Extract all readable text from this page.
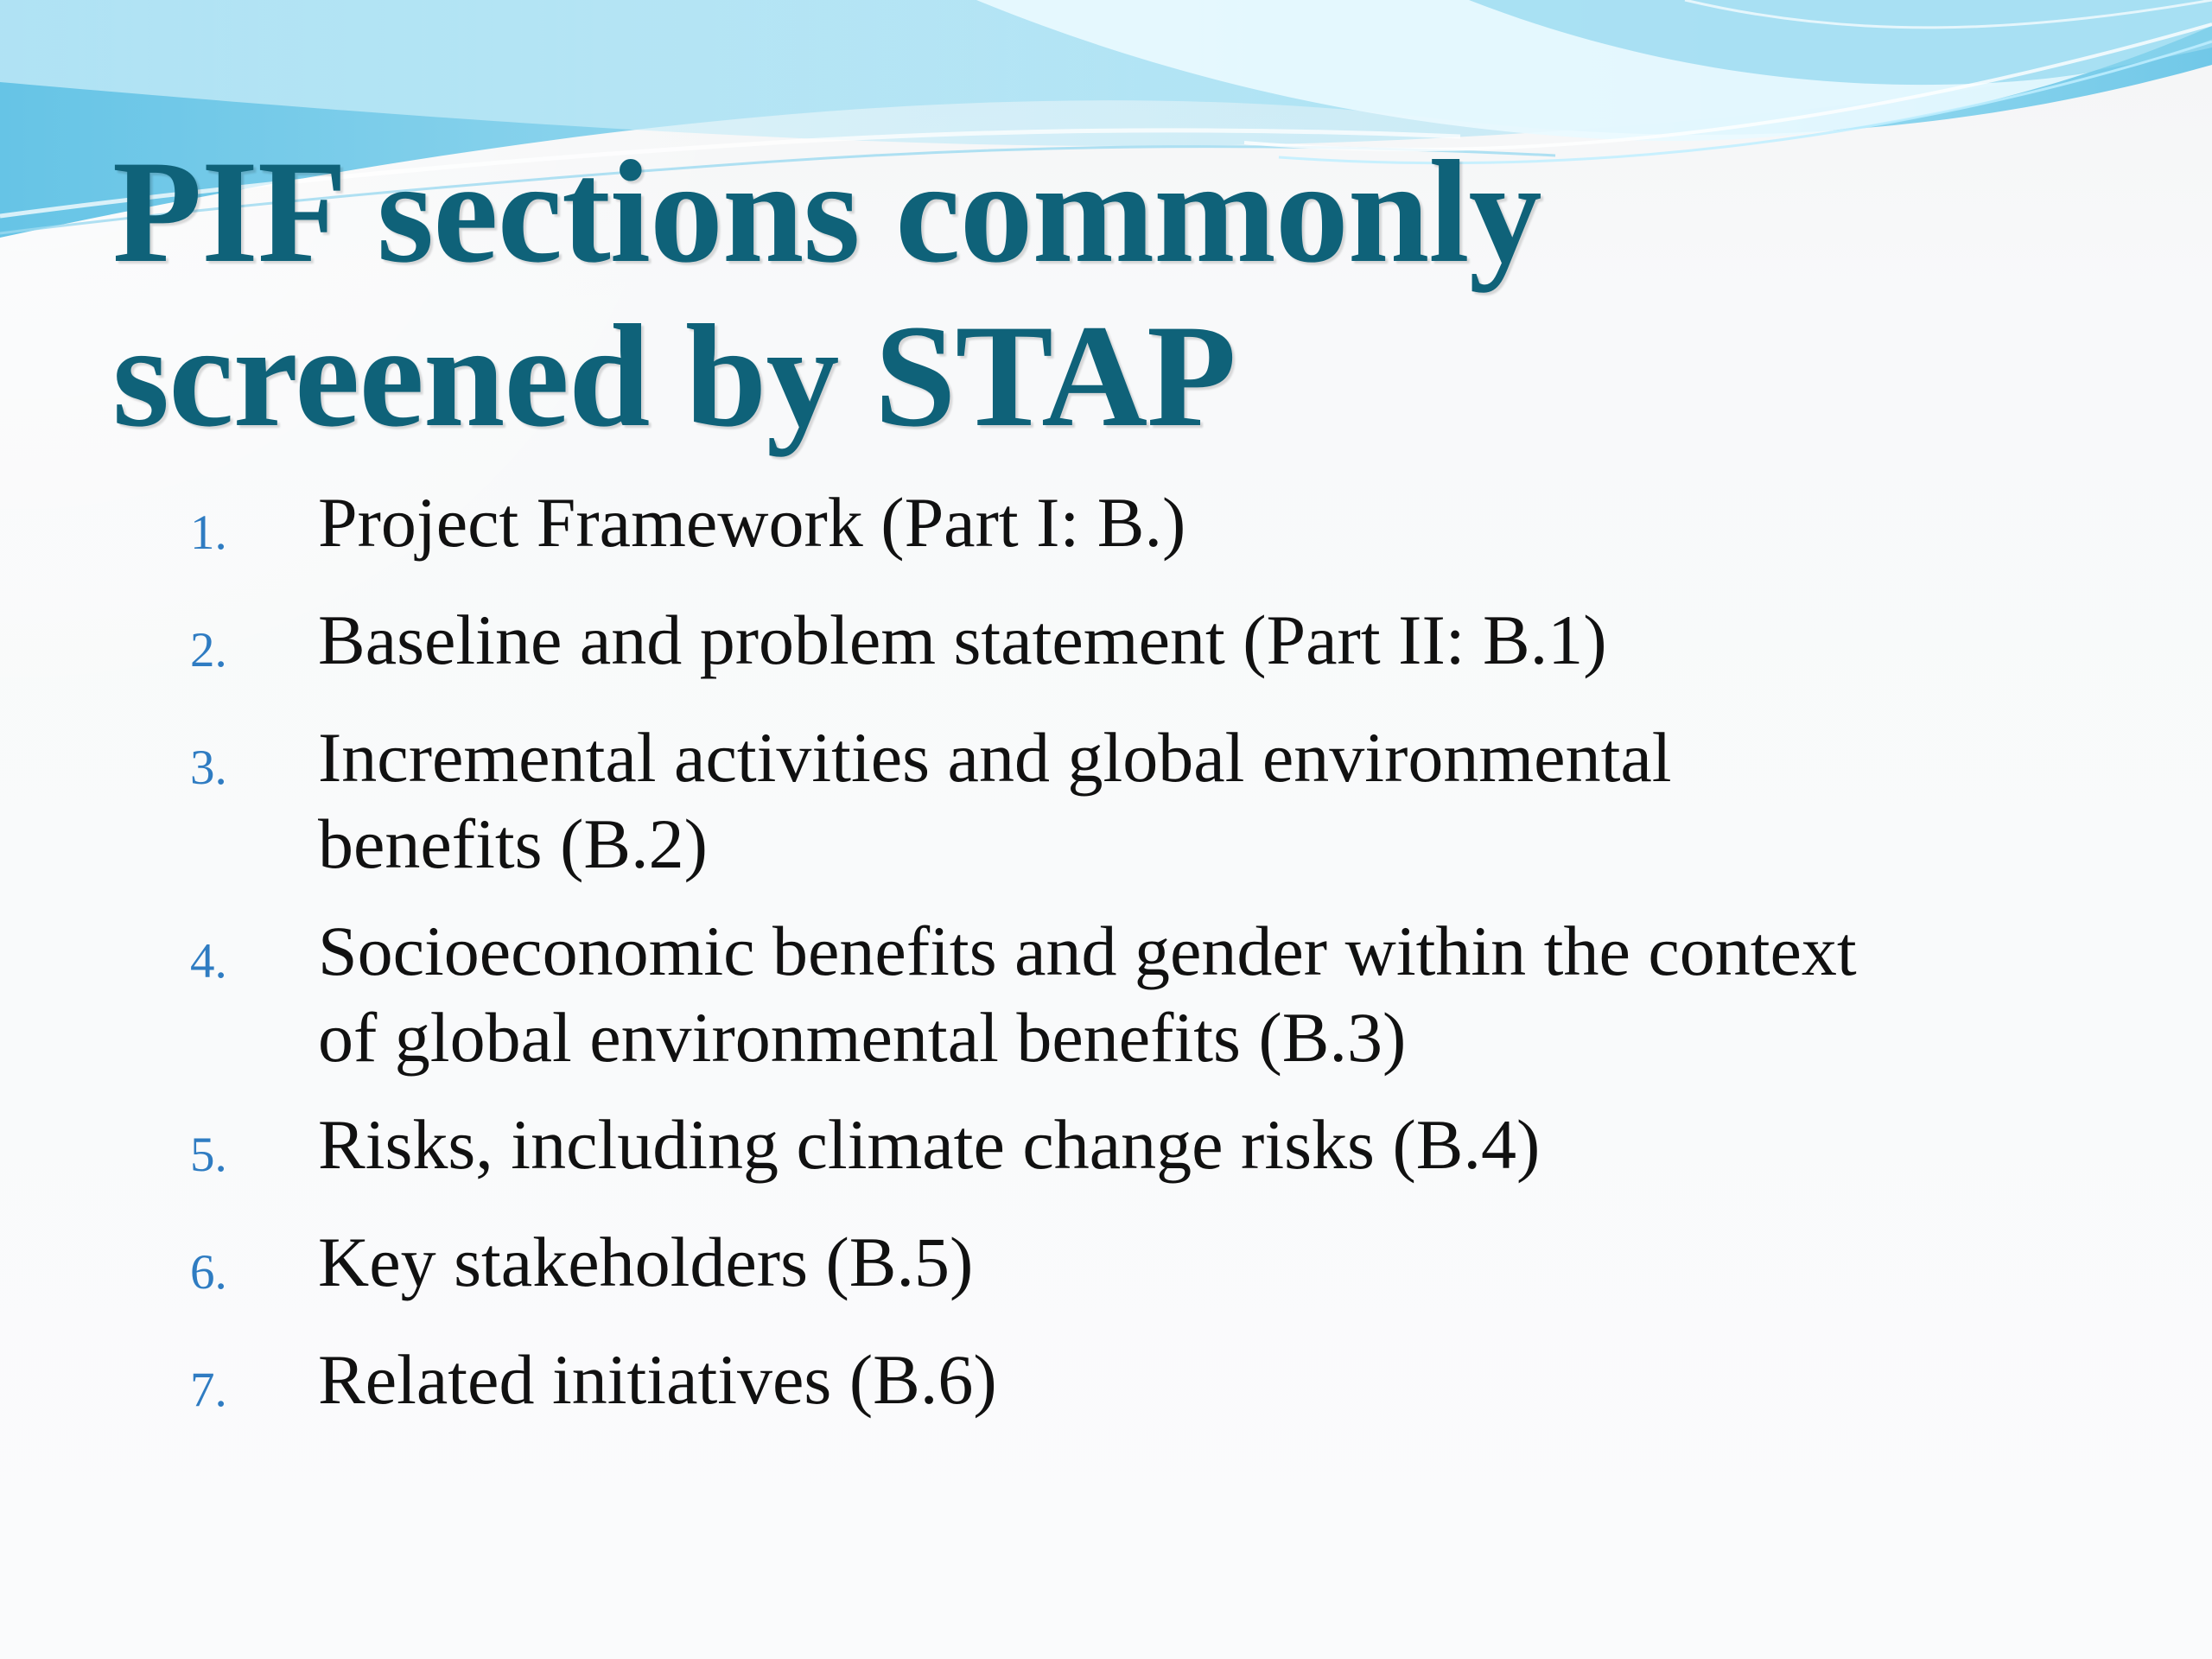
PIF sections commonly
screened by STAP
1.	Project Framework (Part I: B.)
2.	Baseline and problem statement (Part II: B.1)
3.	Incremental activities and global environmental
benefits (B.2)
4.	Socioeconomic benefits and gender within the context
of global environmental benefits (B.3)
5.	Risks, including climate change risks (B.4)
6.	Key stakeholders (B.5)
7.	Related initiatives (B.6)
